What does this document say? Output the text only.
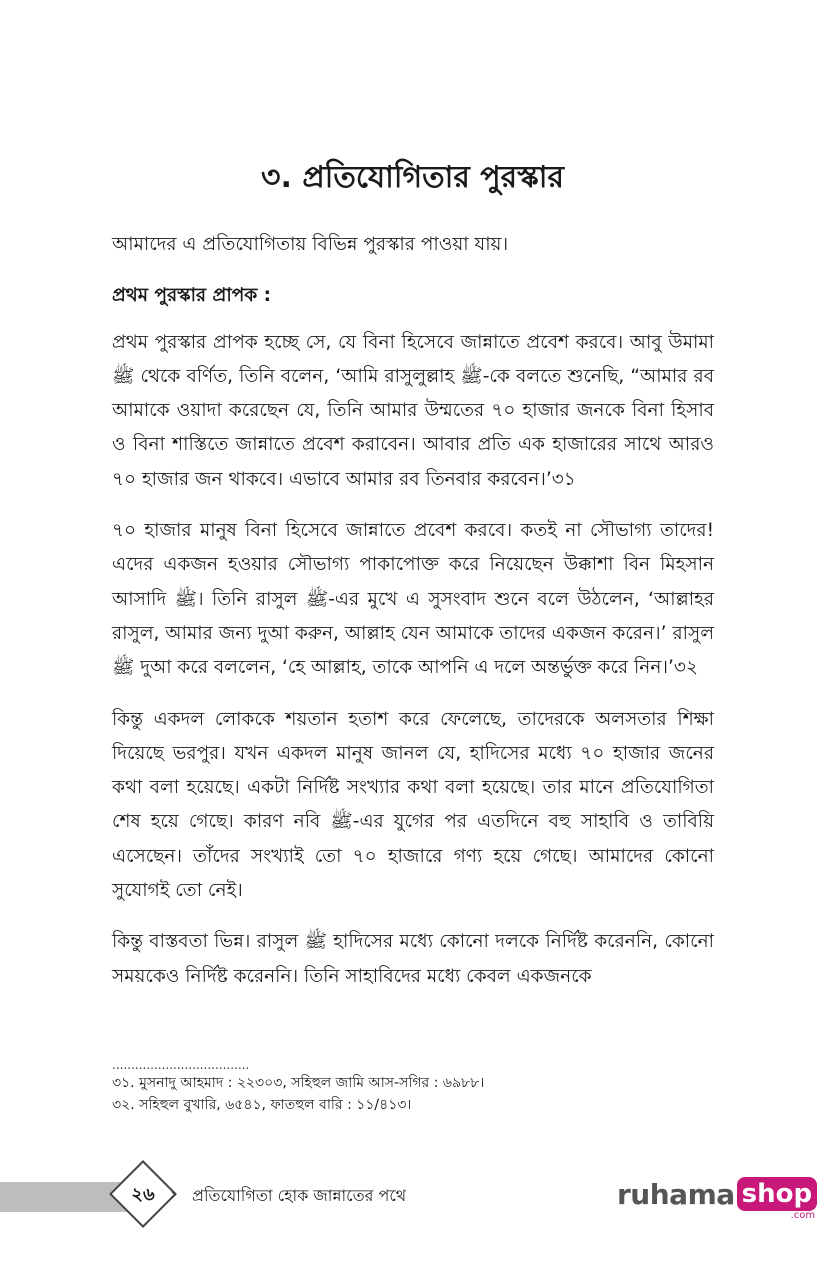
৩. প্রতিযোগিতার পুরস্কার

আমাদের এ প্রতিযোগিতায় বিভিন্ন পুরস্কার পাওয়া যায়।

প্রথম পুরস্কার প্রাপক :

প্রথম পুরস্কার প্রাপক হচ্ছে সে, যে বিনা হিসেবে জান্নাতে প্রবেশ করবে। আবু উমামা ﷺ থেকে বর্ণিত, তিনি বলেন, ‘আমি রাসুলুল্লাহ ﷺ-কে বলতে শুনেছি, “আমার রব আমাকে ওয়াদা করেছেন যে, তিনি আমার উম্মতের ৭০ হাজার জনকে বিনা হিসাব ও বিনা শাস্তিতে জান্নাতে প্রবেশ করাবেন। আবার প্রতি এক হাজারের সাথে আরও ৭০ হাজার জন থাকবে। এভাবে আমার রব তিনবার করবেন।’৩১

৭০ হাজার মানুষ বিনা হিসেবে জান্নাতে প্রবেশ করবে। কতই না সৌভাগ্য তাদের! এদের একজন হওয়ার সৌভাগ্য পাকাপোক্ত করে নিয়েছেন উক্কাশা বিন মিহসান আসাদি ﷺ। তিনি রাসুল ﷺ-এর মুখে এ সুসংবাদ শুনে বলে উঠলেন, ‘আল্লাহর রাসুল, আমার জন্য দুআ করুন, আল্লাহ যেন আমাকে তাদের একজন করেন।’ রাসুল ﷺ দুআ করে বললেন, ‘হে আল্লাহ, তাকে আপনি এ দলে অন্তর্ভুক্ত করে নিন।’৩২

কিন্তু একদল লোককে শয়তান হতাশ করে ফেলেছে, তাদেরকে অলসতার শিক্ষা দিয়েছে ভরপুর। যখন একদল মানুষ জানল যে, হাদিসের মধ্যে ৭০ হাজার জনের কথা বলা হয়েছে। একটা নির্দিষ্ট সংখ্যার কথা বলা হয়েছে। তার মানে প্রতিযোগিতা শেষ হয়ে গেছে। কারণ নবি ﷺ-এর যুগের পর এতদিনে বহু সাহাবি ও তাবিয়ি এসেছেন। তাঁদের সংখ্যাই তো ৭০ হাজারে গণ্য হয়ে গেছে। আমাদের কোনো সুযোগই তো নেই।

কিন্তু বাস্তবতা ভিন্ন। রাসুল ﷺ হাদিসের মধ্যে কোনো দলকে নির্দিষ্ট করেননি, কোনো সময়কেও নির্দিষ্ট করেননি। তিনি সাহাবিদের মধ্যে কেবল একজনকে

....................................
৩১. মুসনাদু আহমাদ : ২২৩০৩, সহিহুল জামি আস-সগির : ৬৯৮৮।
৩২. সহিহুল বুখারি, ৬৫৪১, ফাতহুল বারি : ১১/৪১৩।
২৬ › প্রতিযোগিতা হোক জান্নাতের পথে	ruhama shop
.com
